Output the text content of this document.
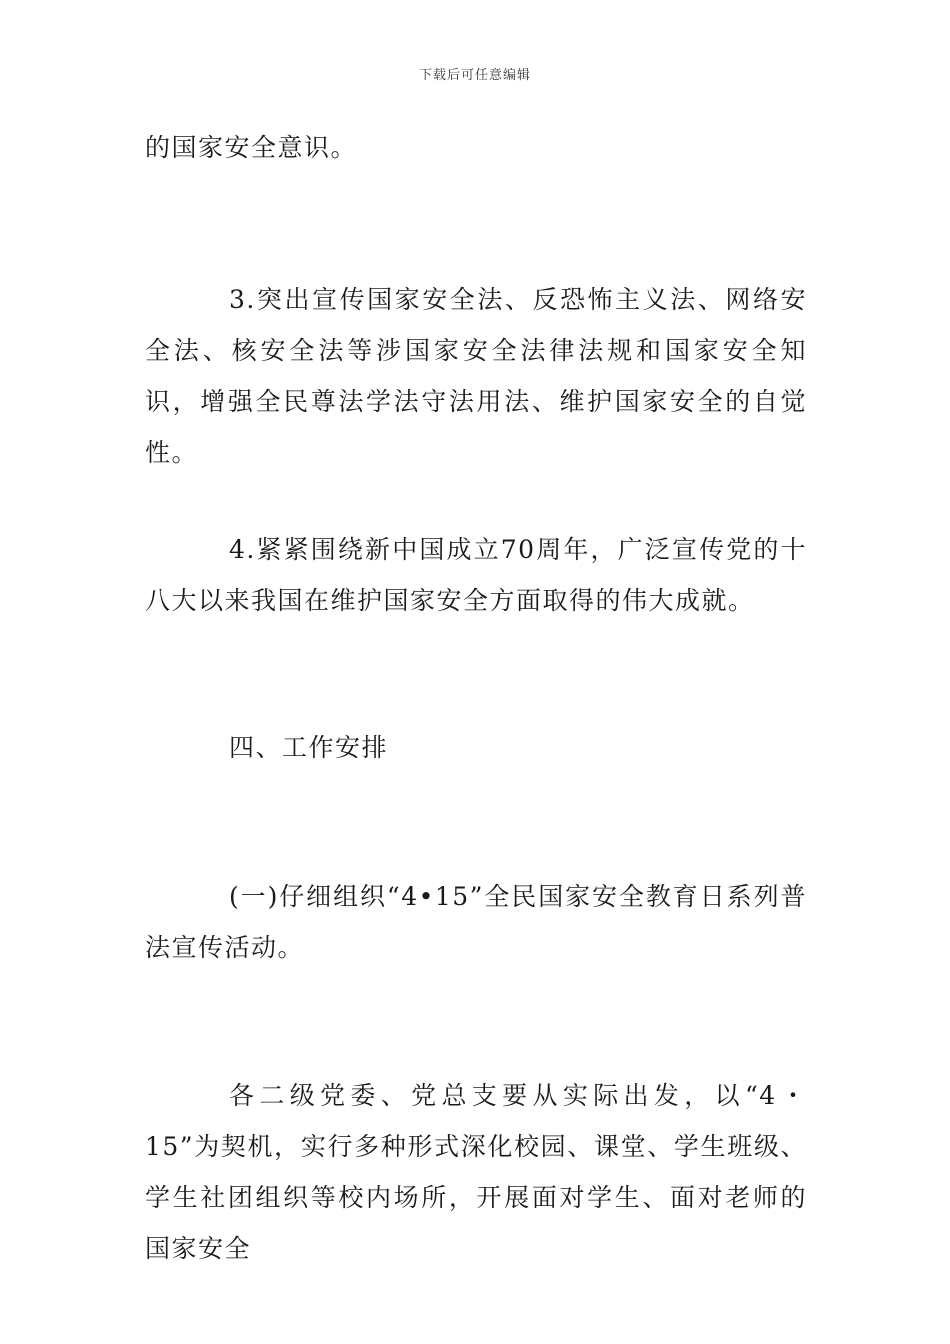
下载后可任意编辑

的国家安全意识。

3.突出宣传国家安全法、反恐怖主义法、网络安全法、核安全法等涉国家安全法律法规和国家安全知识，增强全民尊法学法守法用法、维护国家安全的自觉性。

4.紧紧围绕新中国成立70周年，广泛宣传党的十八大以来我国在维护国家安全方面取得的伟大成就。

四、工作安排

(一)仔细组织“4•15”全民国家安全教育日系列普法宣传活动。

各二级党委、党总支要从实际出发，以“4・15”为契机，实行多种形式深化校园、课堂、学生班级、学生社团组织等校内场所，开展面对学生、面对老师的国家安全
